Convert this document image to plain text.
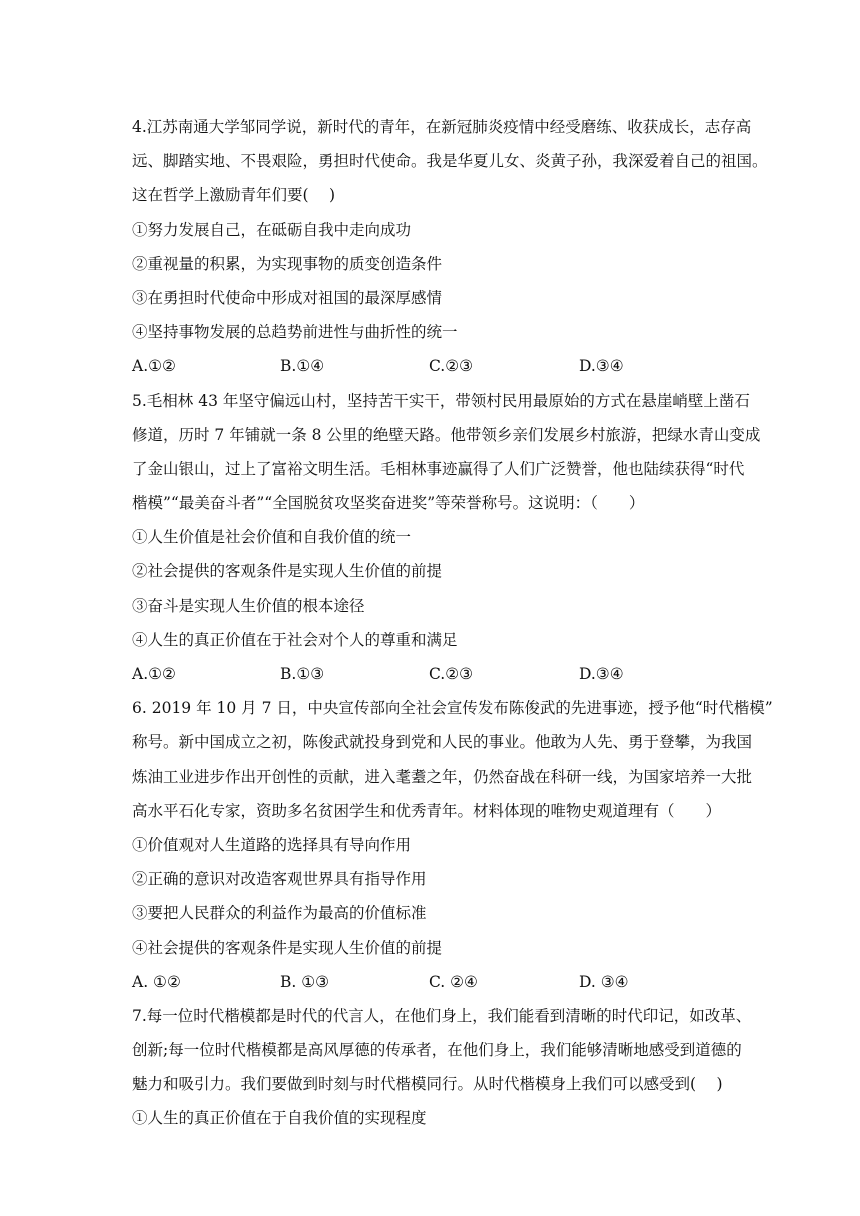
4.江苏南通大学邹同学说，新时代的青年，在新冠肺炎疫情中经受磨练、收获成长，志存高
远、脚踏实地、不畏艰险，勇担时代使命。我是华夏儿女、炎黄子孙，我深爱着自己的祖国。
这在哲学上激励青年们要(　 )
①努力发展自己，在砥砺自我中走向成功
②重视量的积累，为实现事物的质变创造条件
③在勇担时代使命中形成对祖国的最深厚感情
④坚持事物发展的总趋势前进性与曲折性的统一
A.①②	B.①④	C.②③	D.③④
5.毛相林 43 年坚守偏远山村，坚持苦干实干，带领村民用最原始的方式在悬崖峭壁上凿石
修道，历时 7 年铺就一条 8 公里的绝壁天路。他带领乡亲们发展乡村旅游，把绿水青山变成
了金山银山，过上了富裕文明生活。毛相林事迹赢得了人们广泛赞誉，他也陆续获得“时代
楷模”“最美奋斗者”“全国脱贫攻坚奖奋进奖”等荣誉称号。这说明：（　　）
①人生价值是社会价值和自我价值的统一
②社会提供的客观条件是实现人生价值的前提
③奋斗是实现人生价值的根本途径
④人生的真正价值在于社会对个人的尊重和满足
A.①②	B.①③	C.②③	D.③④
6. 2019 年 10 月 7 日，中央宣传部向全社会宣传发布陈俊武的先进事迹，授予他“时代楷模”
称号。新中国成立之初，陈俊武就投身到党和人民的事业。他敢为人先、勇于登攀，为我国
炼油工业进步作出开创性的贡献，进入耄耋之年，仍然奋战在科研一线，为国家培养一大批
高水平石化专家，资助多名贫困学生和优秀青年。材料体现的唯物史观道理有（　　）
①价值观对人生道路的选择具有导向作用
②正确的意识对改造客观世界具有指导作用
③要把人民群众的利益作为最高的价值标准
④社会提供的客观条件是实现人生价值的前提
A. ①②	B. ①③	C. ②④	D. ③④
7.每一位时代楷模都是时代的代言人，在他们身上，我们能看到清晰的时代印记，如改革、
创新;每一位时代楷模都是高风厚德的传承者，在他们身上，我们能够清晰地感受到道德的
魅力和吸引力。我们要做到时刻与时代楷模同行。从时代楷模身上我们可以感受到(　 )
①人生的真正价值在于自我价值的实现程度
